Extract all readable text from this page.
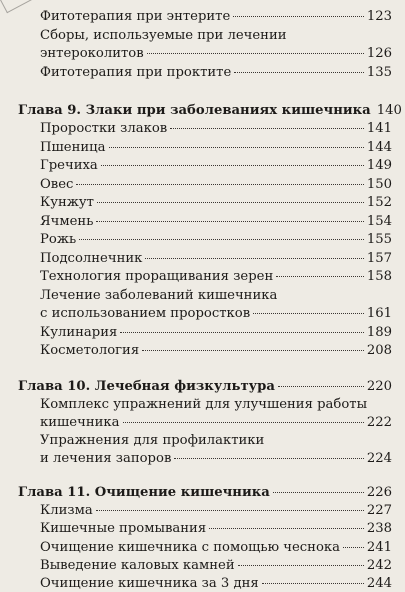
Фитотерапия при энтерите	123
Сборы, используемые при лечении
энтероколитов	126
Фитотерапия при проктите	135
Глава 9. Злаки при заболеваниях кишечника 140
Проростки злаков	141
Пшеница	144
Гречиха	149
Овес	150
Кунжут	152
Ячмень	154
Рожь	155
Подсолнечник	157
Технология проращивания зерен	158
Лечение заболеваний кишечника
с использованием проростков	161
Кулинария	189
Косметология	208
Глава 10. Лечебная физкультура	220
Комплекс упражнений для улучшения работы
кишечника	222
Упражнения для профилактики
и лечения запоров	224
Глава 11. Очищение кишечника	226
Клизма	227
Кишечные промывания	238
Очищение кишечника с помощью чеснока 241
Выведение каловых камней	242
Очищение кишечника за 3 дня	244
